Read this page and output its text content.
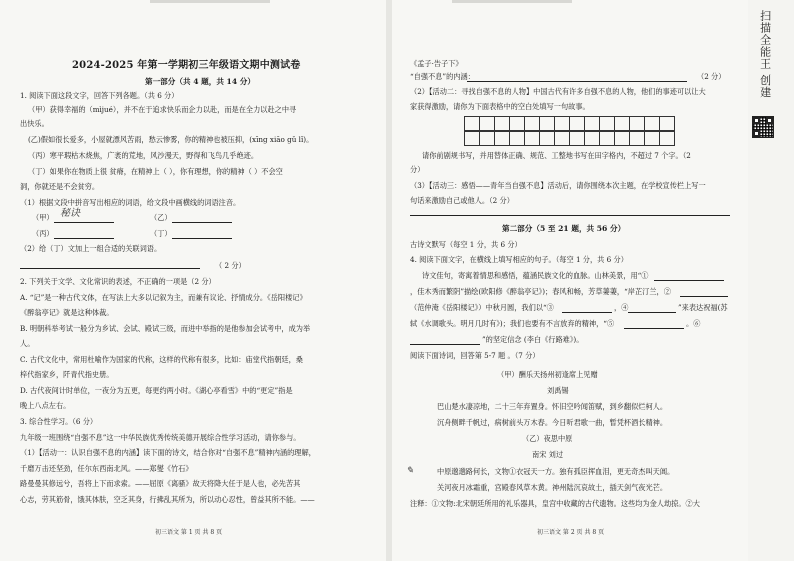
2024-2025 年第一学期初三年级语文期中测试卷
第一部分（共 4 题，共 14 分）
1. 阅读下面这段文字，回答下列各题。（共 6 分）
（甲）获得幸福的（mìjué），并不在于追求快乐而企力以赴，而是在全力以赴之中寻
出快乐。
(乙)假如很长爱多，小屋就漂风苦雨，愁云惨雾，你的精神也被压抑，(xīng xiāo gǔ lǐ)。
（丙）寒平瑕枯木烧焦，广袤的荒地，风沙漫天，野得和飞鸟几乎绝迹。
（丁）如果你在物质上很 贫瘠，在精神上（ ），你有理想，你的精神（ ）不会空
洞，你就还是不会贫穷。
（1）根据文段中拼音写出相应的词语，给文段中画横线的词语注音。
（甲） 秘诀	（乙）
（丙）	（丁）
（2）给（丁）文加上一组合适的关联词语。
（ 2 分）
2. 下列关于文学、文化常识的表述，不正确的一项是（2 分）
A. “记”是一种古代文体，在写法上大多以记叙为主，而兼有议论、抒情成分。《岳阳楼记》
《醉翁亭记》就是这种体裁。
B. 明朝科举考试一般分为乡试、会试、殿试三级，而进中举指的是他参加会试考中，成为举
人。
C. 古代文化中，常用杜喻作为国家的代称，这样的代称有很多，比如：庙堂代指朝廷，桑
梓代指家乡，阡青代指史册。
D. 古代夜间计时单位，一夜分为五更，每更约两小时。《湖心亭看雪》中的“更定”指是
晚上八点左右。
3. 综合性学习。（6 分）
九年级一班围绕“自强不息”这一中华民族优秀传统美德开展综合性学习活动，请你参与。
（1）【活动一：认识自强不息的内涵】读下面的诗文，结合你对“自强不息”精神内涵的理解，
千磨万击还坚劲，任尔东西南北风。——郑燮《竹石》
路曼曼其修远兮，吾将上下而求索。——屈原《离骚》故天将降大任于是人也，必先苦其
心志，劳其筋骨，饿其体肤，空乏其身，行拂乱其所为，所以动心忍性，曾益其所不能。——
初三语文 第 1 页 共 8 页
《孟子·告子下》
“自强不息”的内涵：	（2 分）
（2）【活动二：寻找自强不息的人物】中国古代有许多自强不息的人物，他们的事迹可以让大
家获得激励，请你为下面表格中的空白处填写一句故事。
请你前剧规书写，并用替体正确、规范、工整地书写在田字格内，不超过 7 个字。（2
分）
（3）【活动三：感悟——青年当自强不息】活动后，请你围绕本次主题，在学校宣传栏上写一
句话来激励自己或他人。（2 分）
第二部分（5 至 21 题，共 56 分）
古诗文默写（每空 1 分，共 6 分）
4. 阅读下面文字，在横线上填写相应的句子。（每空 1 分，共 6 分）
诗文佳句，寄寓着情思和感悟，蕴涵民族文化的血脉。山林美景，用“①
，佳木秀而繁阴”描绘(欧阳修《醉翁亭记》)；春风和畅，芳草萋萋，“岸芷汀兰，②
（范仲淹《岳阳楼记》）中秋月圆，我们以“③	，④	”来表达祝福(苏
轼《水调歌头。明月几时有》)；我们也要有不言放弃的精神，“⑤	。⑥
”的坚定信念 (李白《行路难》)。
阅读下面诗词，回答第 5-7 题 。（7 分）
（甲）酬乐天扬州初逢席上见赠
刘禹锡
巴山楚水凄凉地，二十三年弃置身。怀旧空吟闻笛赋，到乡翻似烂柯人。
沉舟侧畔千帆过，病树前头万木春。今日听君歌一曲，暂凭杯酒长精神。
（乙）夜思中原
南宋 刘过
✎	中原邈邈路何长，文物①衣冠天一方。独有孤臣挥血泪，更无奇杰叫天阊。
关河夜月冰霜重，宫殿春风草木黄。神州陆沉哀故土，插天剑气夜光芒。
注释：①文物:北宋朝廷所用的礼乐器具，皇宫中收藏的古代遗物。这些均为金人劫掠。②大
初三语文 第 2 页 共 8 页
扫描全能王 创建
